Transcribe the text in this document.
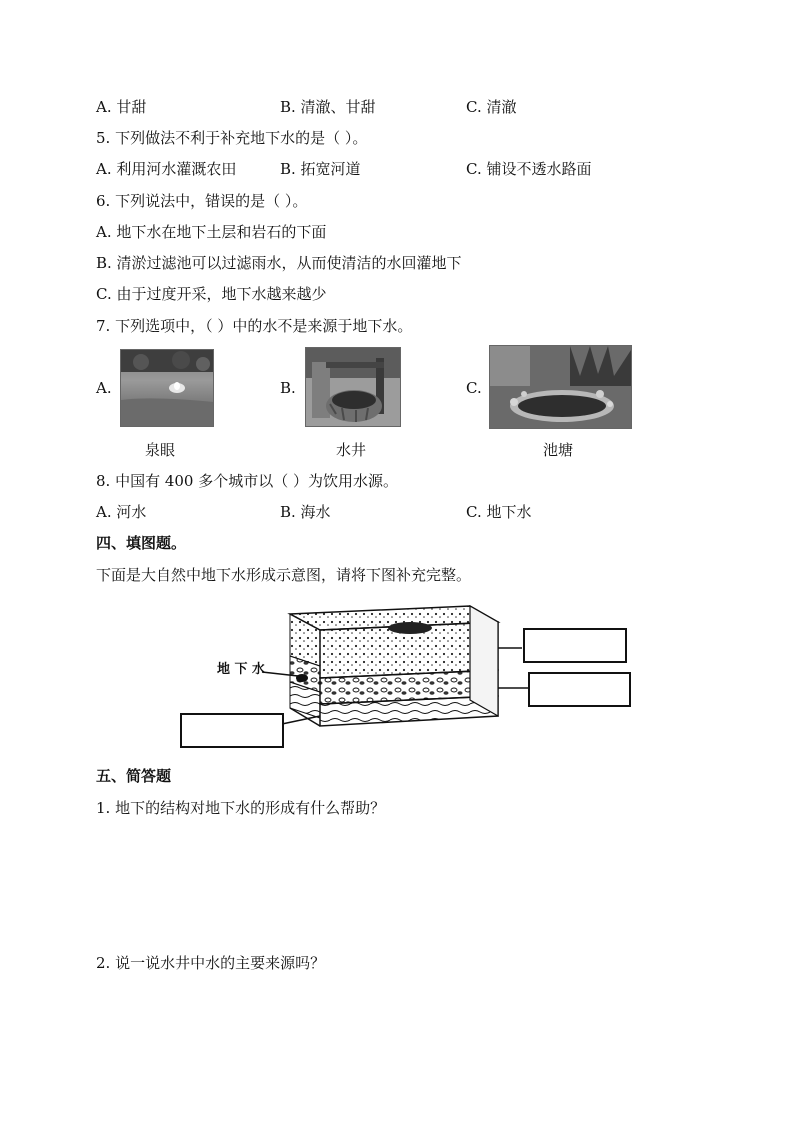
A. 甘甜	B. 清澈、甘甜	C. 清澈
5. 下列做法不利于补充地下水的是（ ）。
A. 利用河水灌溉农田	B. 拓宽河道	C. 铺设不透水路面
6. 下列说法中，错误的是（ ）。
A. 地下水在地下土层和岩石的下面
B. 清淤过滤池可以过滤雨水，从而使清洁的水回灌地下
C. 由于过度开采，地下水越来越少
7. 下列选项中，（ ）中的水不是来源于地下水。
A.
泉眼
B.
水井
C.
池塘
8. 中国有 400 多个城市以（ ）为饮用水源。
A. 河水	B. 海水	C. 地下水
四、填图题。
下面是大自然中地下水形成示意图，请将下图补充完整。
地 下 水
五、简答题
1. 地下的结构对地下水的形成有什么帮助？
2. 说一说水井中水的主要来源吗？
